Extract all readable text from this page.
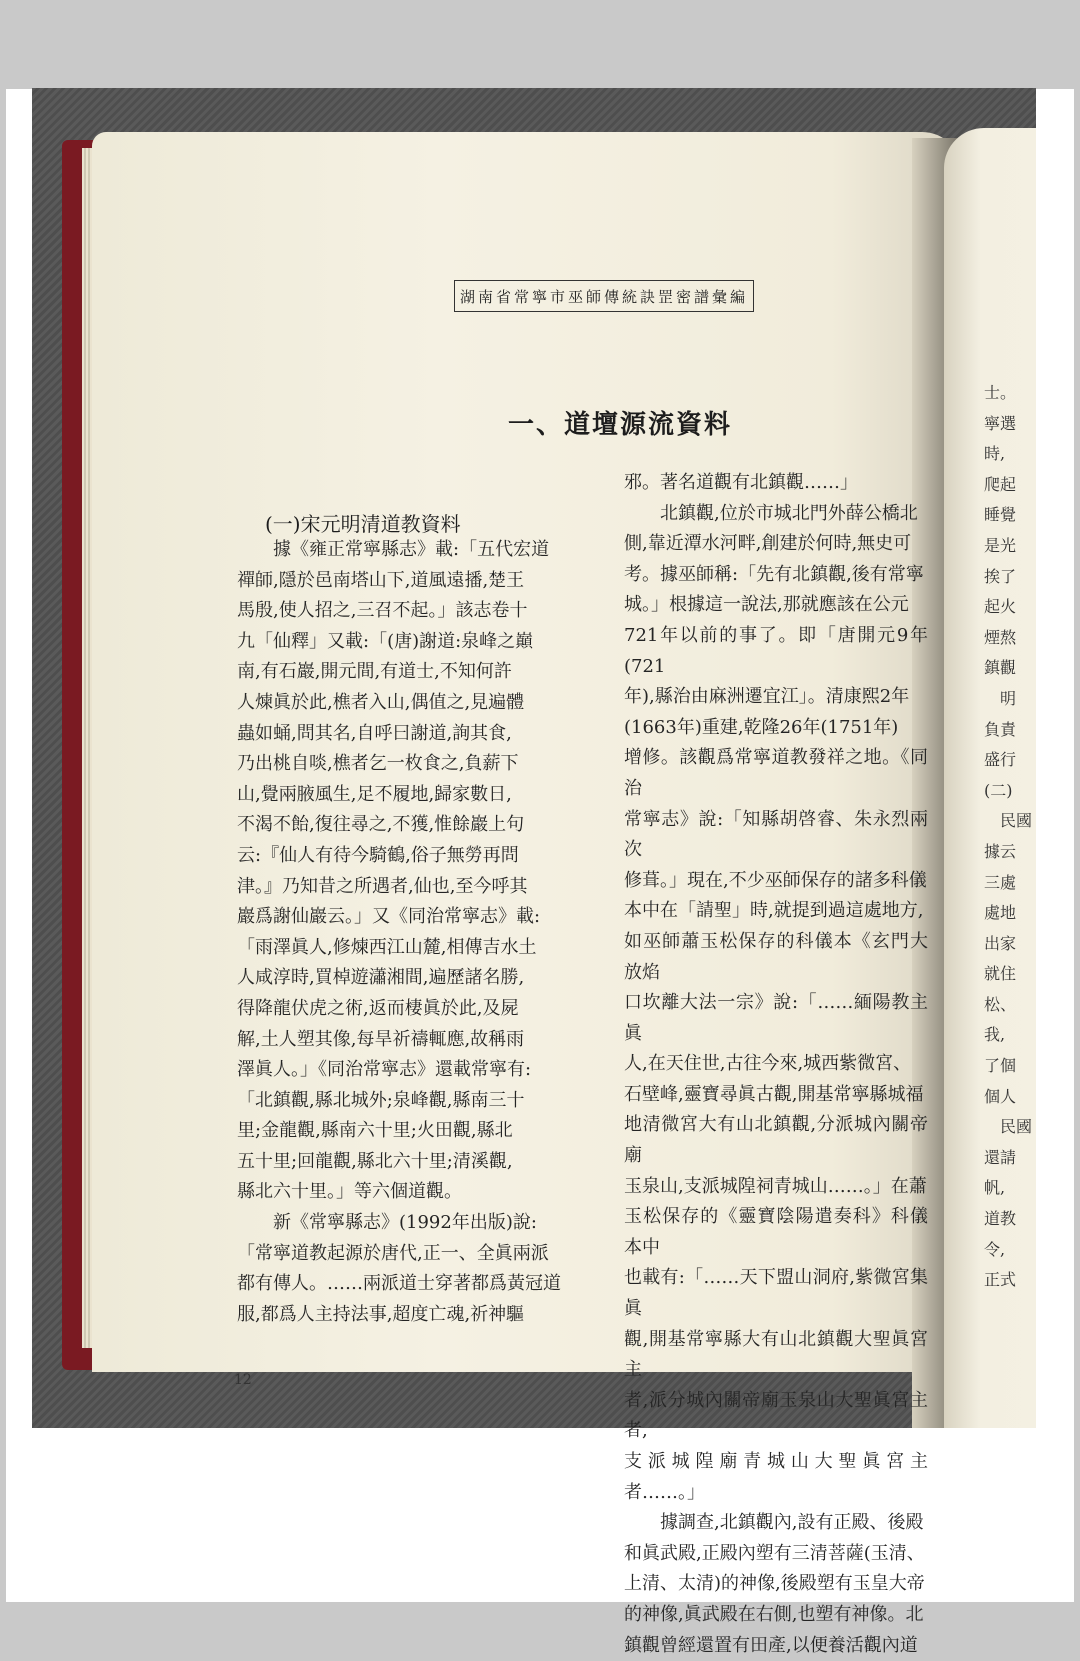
湖南省常寧市巫師傳統訣罡密譜彙編
一、道壇源流資料
(一)宋元明清道教資料

　　據《雍正常寧縣志》載:「五代宏道

禪師,隱於邑南塔山下,道風遠播,楚王

馬殷,使人招之,三召不起。」該志卷十

九「仙釋」又載:「(唐)謝道:泉峰之巔

南,有石巖,開元間,有道士,不知何許

人煉眞於此,樵者入山,偶值之,見遍體

蟲如蛹,問其名,自呼曰謝道,詢其食,

乃出桃自啖,樵者乞一枚食之,負薪下

山,覺兩腋風生,足不履地,歸家數日,

不渴不飴,復往尋之,不獲,惟餘巖上句

云:『仙人有待今騎鶴,俗子無勞再問

津。』乃知昔之所遇者,仙也,至今呼其

巖爲謝仙巖云。」又《同治常寧志》載:

「雨澤眞人,修煉西江山麓,相傳吉水土

人咸淳時,買棹遊瀟湘間,遍歷諸名勝,

得降龍伏虎之術,返而棲眞於此,及屍

解,土人塑其像,每旱祈禱輒應,故稱雨

澤眞人。」《同治常寧志》還載常寧有:

「北鎮觀,縣北城外;泉峰觀,縣南三十

里;金龍觀,縣南六十里;火田觀,縣北

五十里;回龍觀,縣北六十里;清溪觀,

縣北六十里。」等六個道觀。

　　新《常寧縣志》(1992年出版)說:

「常寧道教起源於唐代,正一、全眞兩派

都有傳人。……兩派道士穿著都爲黃冠道

服,都爲人主持法事,超度亡魂,祈神驅

邪。著名道觀有北鎮觀……」

　　北鎮觀,位於市城北門外薛公橋北

側,靠近潭水河畔,創建於何時,無史可

考。據巫師稱:「先有北鎮觀,後有常寧

城。」根據這一說法,那就應該在公元

721年以前的事了。即「唐開元9年(721

年),縣治由麻洲遷宜江」。清康熙2年

(1663年)重建,乾隆26年(1751年)

增修。該觀爲常寧道教發祥之地。《同治

常寧志》說:「知縣胡啓睿、朱永烈兩次

修葺。」現在,不少巫師保存的諸多科儀

本中在「請聖」時,就提到過這處地方,

如巫師蕭玉松保存的科儀本《玄門大放焰

口坎離大法一宗》說:「……緬陽教主眞

人,在天住世,古往今來,城西紫微宮、

石壁峰,靈寶尋眞古觀,開基常寧縣城福

地清微宮大有山北鎮觀,分派城內關帝廟

玉泉山,支派城隍祠青城山……。」在蕭

玉松保存的《靈寶陰陽遣奏科》科儀本中

也載有:「……天下盟山洞府,紫微宮集眞

觀,開基常寧縣大有山北鎮觀大聖眞宮主

者,派分城內關帝廟玉泉山大聖眞宮主者,

支派城隍廟青城山大聖眞宮主者……。」

　　據調查,北鎮觀內,設有正殿、後殿

和眞武殿,正殿內塑有三清菩薩(玉清、

上清、太清)的神像,後殿塑有玉皇大帝

的神像,眞武殿在右側,也塑有神像。北

鎮觀曾經還置有田產,以便養活觀內道

12

士。

寧選

時,

爬起

睡覺

是光

挨了

起火

煙熬

鎮觀

　明

負責

盛行

(二)

　民國

據云

三處

處地

出家

就住

松、

我,

了個

個人

　民國

還請

帆,

道教

令,

正式
